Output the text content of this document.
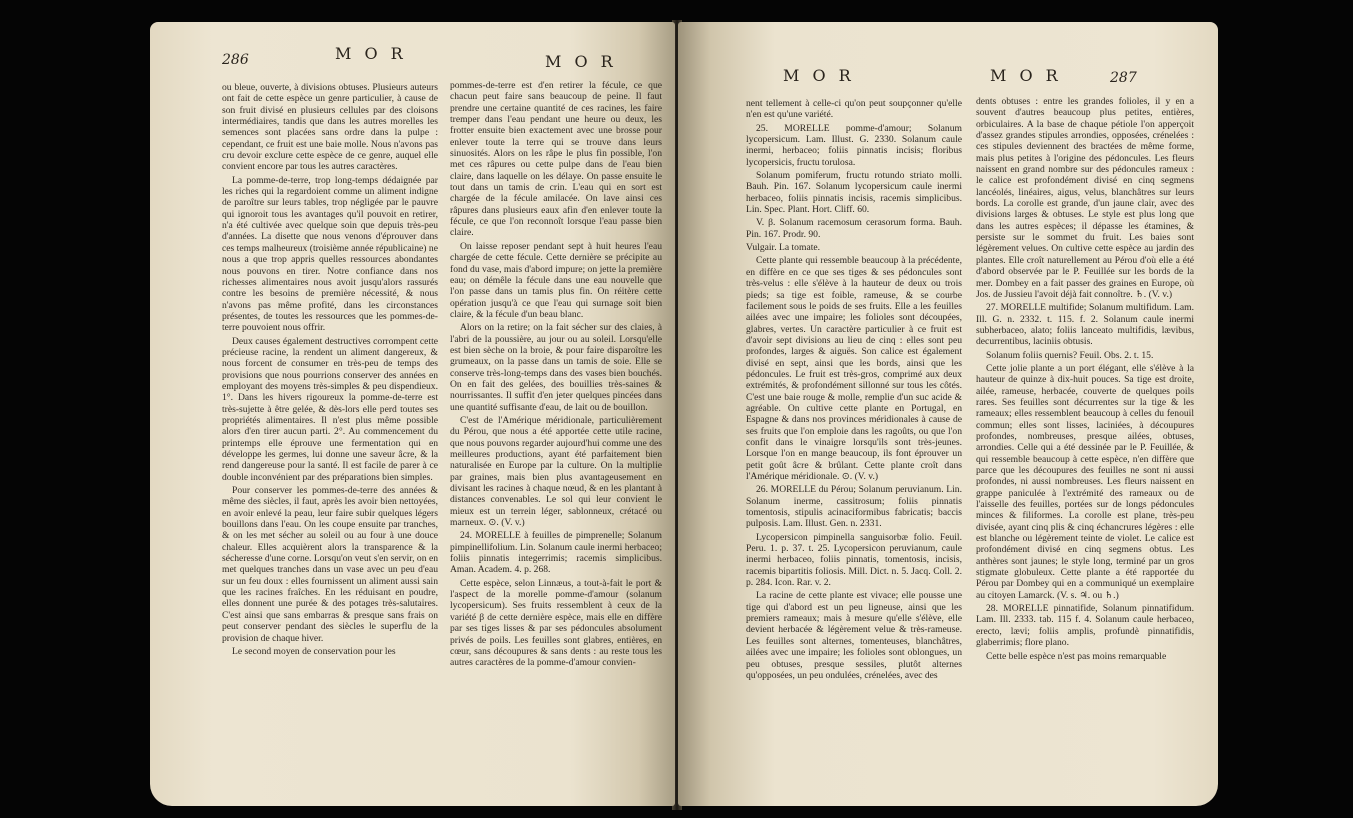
286	M O R	M O R

ou bleue, ouverte, à divisions obtuses. Plusieurs auteurs ont fait de cette espèce un genre particulier, à cause de son fruit divisé en plusieurs cellules par des cloisons intermédiaires, tandis que dans les autres morelles les semences sont placées sans ordre dans la pulpe : cependant, ce fruit est une baie molle. Nous n'avons pas cru devoir exclure cette espèce de ce genre, auquel elle convient encore par tous les autres caractères.

La pomme-de-terre, trop long-temps dédaignée par les riches qui la regardoient comme un aliment indigne de paroître sur leurs tables, trop négligée par le pauvre qui ignoroit tous les avantages qu'il pouvoit en retirer, n'a été cultivée avec quelque soin que depuis très-peu d'années. La disette que nous venons d'éprouver dans ces temps malheureux (troisième année républicaine) ne nous a que trop appris quelles ressources abondantes nous pouvons en tirer. Notre confiance dans nos richesses alimentaires nous avoit jusqu'alors rassurés contre les besoins de première nécessité, & nous n'avons pas même profité, dans les circonstances présentes, de toutes les ressources que les pommes-de-terre pouvoient nous offrir.

Deux causes également destructives corrompent cette précieuse racine, la rendent un aliment dangereux, & nous forcent de consumer en très-peu de temps des provisions que nous pourrions conserver des années en employant des moyens très-simples & peu dispendieux. 1°. Dans les hivers rigoureux la pomme-de-terre est très-sujette à être gelée, & dès-lors elle perd toutes ses propriétés alimentaires. Il n'est plus même possible alors d'en tirer aucun parti. 2°. Au commencement du printemps elle éprouve une fermentation qui en développe les germes, lui donne une saveur âcre, & la rend dangereuse pour la santé. Il est facile de parer à ce double inconvénient par des préparations bien simples.

Pour conserver les pommes-de-terre des années & même des siècles, il faut, après les avoir bien nettoyées, en avoir enlevé la peau, leur faire subir quelques légers bouillons dans l'eau. On les coupe ensuite par tranches, & on les met sécher au soleil ou au four à une douce chaleur. Elles acquièrent alors la transparence & la sécheresse d'une corne. Lorsqu'on veut s'en servir, on en met quelques tranches dans un vase avec un peu d'eau sur un feu doux : elles fournissent un aliment aussi sain que les racines fraîches. En les réduisant en poudre, elles donnent une purée & des potages très-salutaires. C'est ainsi que sans embarras & presque sans frais on peut conserver pendant des siècles le superflu de la provision de chaque hiver.

Le second moyen de conservation pour les

pommes-de-terre est d'en retirer la fécule, ce que chacun peut faire sans beaucoup de peine. Il faut prendre une certaine quantité de ces racines, les faire tremper dans l'eau pendant une heure ou deux, les frotter ensuite bien exactement avec une brosse pour enlever toute la terre qui se trouve dans leurs sinuosités. Alors on les râpe le plus fin possible, l'on met ces râpures ou cette pulpe dans de l'eau bien claire, dans laquelle on les délaye. On passe ensuite le tout dans un tamis de crin. L'eau qui en sort est chargée de la fécule amilacée. On lave ainsi ces râpures dans plusieurs eaux afin d'en enlever toute la fécule, ce que l'on reconnoît lorsque l'eau passe bien claire.

On laisse reposer pendant sept à huit heures l'eau chargée de cette fécule. Cette dernière se précipite au fond du vase, mais d'abord impure; on jette la première eau; on démêle la fécule dans une eau nouvelle que l'on passe dans un tamis plus fin. On réitère cette opération jusqu'à ce que l'eau qui surnage soit bien claire, & la fécule d'un beau blanc.

Alors on la retire; on la fait sécher sur des claies, à l'abri de la poussière, au jour ou au soleil. Lorsqu'elle est bien sèche on la broie, & pour faire disparoître les grumeaux, on la passe dans un tamis de soie. Elle se conserve très-long-temps dans des vases bien bouchés. On en fait des gelées, des bouillies très-saines & nourrissantes. Il suffit d'en jeter quelques pincées dans une quantité suffisante d'eau, de lait ou de bouillon.

C'est de l'Amérique méridionale, particulièrement du Pérou, que nous a été apportée cette utile racine, que nous pouvons regarder aujourd'hui comme une des meilleures productions, ayant été parfaitement bien naturalisée en Europe par la culture. On la multiplie par graines, mais bien plus avantageusement en divisant les racines à chaque nœud, & en les plantant à distances convenables. Le sol qui leur convient le mieux est un terrein léger, sablonneux, crétacé ou marneux. ⊙. (V. v.)

24. MORELLE à feuilles de pimprenelle; Solanum pimpinellifolium. Lin. Solanum caule inermi herbaceo; foliis pinnatis integerrimis; racemis simplicibus. Aman. Academ. 4. p. 268.

Cette espèce, selon Linnæus, a tout-à-fait le port & l'aspect de la morelle pomme-d'amour (solanum lycopersicum). Ses fruits ressemblent à ceux de la variété β de cette dernière espèce, mais elle en diffère par ses tiges lisses & par ses pédoncules absolument privés de poils. Les feuilles sont glabres, entières, en cœur, sans découpures & sans dents : au reste tous les autres caractères de la pomme-d'amour convien-

M O R	M O R	287

nent tellement à celle-ci qu'on peut soupçonner qu'elle n'en est qu'une variété.

25. MORELLE pomme-d'amour; Solanum lycopersicum. Lam. Illust. G. 2330. Solanum caule inermi, herbaceo; foliis pinnatis incisis; floribus lycopersicis, fructu torulosa.

Solanum pomiferum, fructu rotundo striato molli. Bauh. Pin. 167. Solanum lycopersicum caule inermi herbaceo, foliis pinnatis incisis, racemis simplicibus. Lin. Spec. Plant. Hort. Cliff. 60.

V. β. Solanum racemosum cerasorum forma. Bauh. Pin. 167. Prodr. 90.

Vulgair. La tomate.

Cette plante qui ressemble beaucoup à la précédente, en diffère en ce que ses tiges & ses pédoncules sont très-velus : elle s'élève à la hauteur de deux ou trois pieds; sa tige est foible, rameuse, & se courbe facilement sous le poids de ses fruits. Elle a les feuilles ailées avec une impaire; les folioles sont découpées, glabres, vertes. Un caractère particulier à ce fruit est d'avoir sept divisions au lieu de cinq : elles sont peu profondes, larges & aiguës. Son calice est également divisé en sept, ainsi que les bords, ainsi que les pédoncules. Le fruit est très-gros, comprimé aux deux extrémités, & profondément sillonné sur tous les côtés. C'est une baie rouge & molle, remplie d'un suc acide & agréable. On cultive cette plante en Portugal, en Espagne & dans nos provinces méridionales à cause de ses fruits que l'on emploie dans les ragoûts, ou que l'on confit dans le vinaigre lorsqu'ils sont très-jeunes. Lorsque l'on en mange beaucoup, ils font éprouver un petit goût âcre & brûlant. Cette plante croît dans l'Amérique méridionale. ⊙. (V. v.)

26. MORELLE du Pérou; Solanum peruvianum. Lin. Solanum inerme, cassitrosum; foliis pinnatis tomentosis, stipulis acinaciformibus fabricatis; baccis pulposis. Lam. Illust. Gen. n. 2331.

Lycopersicon pimpinella sanguisorbæ folio. Feuil. Peru. 1. p. 37. t. 25. Lycopersicon peruvianum, caule inermi herbaceo, foliis pinnatis, tomentosis, incisis, racemis bipartitis foliosis. Mill. Dict. n. 5. Jacq. Coll. 2. p. 284. Icon. Rar. v. 2.

La racine de cette plante est vivace; elle pousse une tige qui d'abord est un peu ligneuse, ainsi que les premiers rameaux; mais à mesure qu'elle s'élève, elle devient herbacée & légèrement velue & très-rameuse. Les feuilles sont alternes, tomenteuses, blanchâtres, ailées avec une impaire; les folioles sont oblongues, un peu obtuses, presque sessiles, plutôt alternes qu'opposées, un peu ondulées, crénelées, avec des

dents obtuses : entre les grandes folioles, il y en a souvent d'autres beaucoup plus petites, entières, orbiculaires. A la base de chaque pétiole l'on apperçoit d'assez grandes stipules arrondies, opposées, crénelées : ces stipules deviennent des bractées de même forme, mais plus petites à l'origine des pédoncules. Les fleurs naissent en grand nombre sur des pédoncules rameux : le calice est profondément divisé en cinq segmens lancéolés, linéaires, aigus, velus, blanchâtres sur leurs bords. La corolle est grande, d'un jaune clair, avec des divisions larges & obtuses. Le style est plus long que dans les autres espèces; il dépasse les étamines, & persiste sur le sommet du fruit. Les baies sont légèrement velues. On cultive cette espèce au jardin des plantes. Elle croît naturellement au Pérou d'où elle a été d'abord observée par le P. Feuillée sur les bords de la mer. Dombey en a fait passer des graines en Europe, où Jos. de Jussieu l'avoit déjà fait connoître. ♄. (V. v.)

27. MORELLE multifide; Solanum multifidum. Lam. Ill. G. n. 2332. t. 115. f. 2. Solanum caule inermi subherbaceo, alato; foliis lanceato multifidis, lævibus, decurrentibus, laciniis obtusis.

Solanum foliis quernis? Feuil. Obs. 2. t. 15.

Cette jolie plante a un port élégant, elle s'élève à la hauteur de quinze à dix-huit pouces. Sa tige est droite, ailée, rameuse, herbacée, couverte de quelques poils rares. Ses feuilles sont décurrentes sur la tige & les rameaux; elles ressemblent beaucoup à celles du fenouil commun; elles sont lisses, laciniées, à découpures profondes, nombreuses, presque ailées, obtuses, arrondies. Celle qui a été dessinée par le P. Feuillée, & qui ressemble beaucoup à cette espèce, n'en diffère que parce que les découpures des feuilles ne sont ni aussi profondes, ni aussi nombreuses. Les fleurs naissent en grappe paniculée à l'extrémité des rameaux ou de l'aisselle des feuilles, portées sur de longs pédoncules minces & filiformes. La corolle est plane, très-peu divisée, ayant cinq plis & cinq échancrures légères : elle est blanche ou légèrement teinte de violet. Le calice est profondément divisé en cinq segmens obtus. Les anthères sont jaunes; le style long, terminé par un gros stigmate globuleux. Cette plante a été rapportée du Pérou par Dombey qui en a communiqué un exemplaire au citoyen Lamarck. (V. s. ♃. ou ♄.)

28. MORELLE pinnatifide, Solanum pinnatifidum. Lam. Ill. 2333. tab. 115 f. 4. Solanum caule herbaceo, erecto, lævi; foliis amplis, profundè pinnatifidis, glaberrimis; flore plano.

Cette belle espèce n'est pas moins remarquable
